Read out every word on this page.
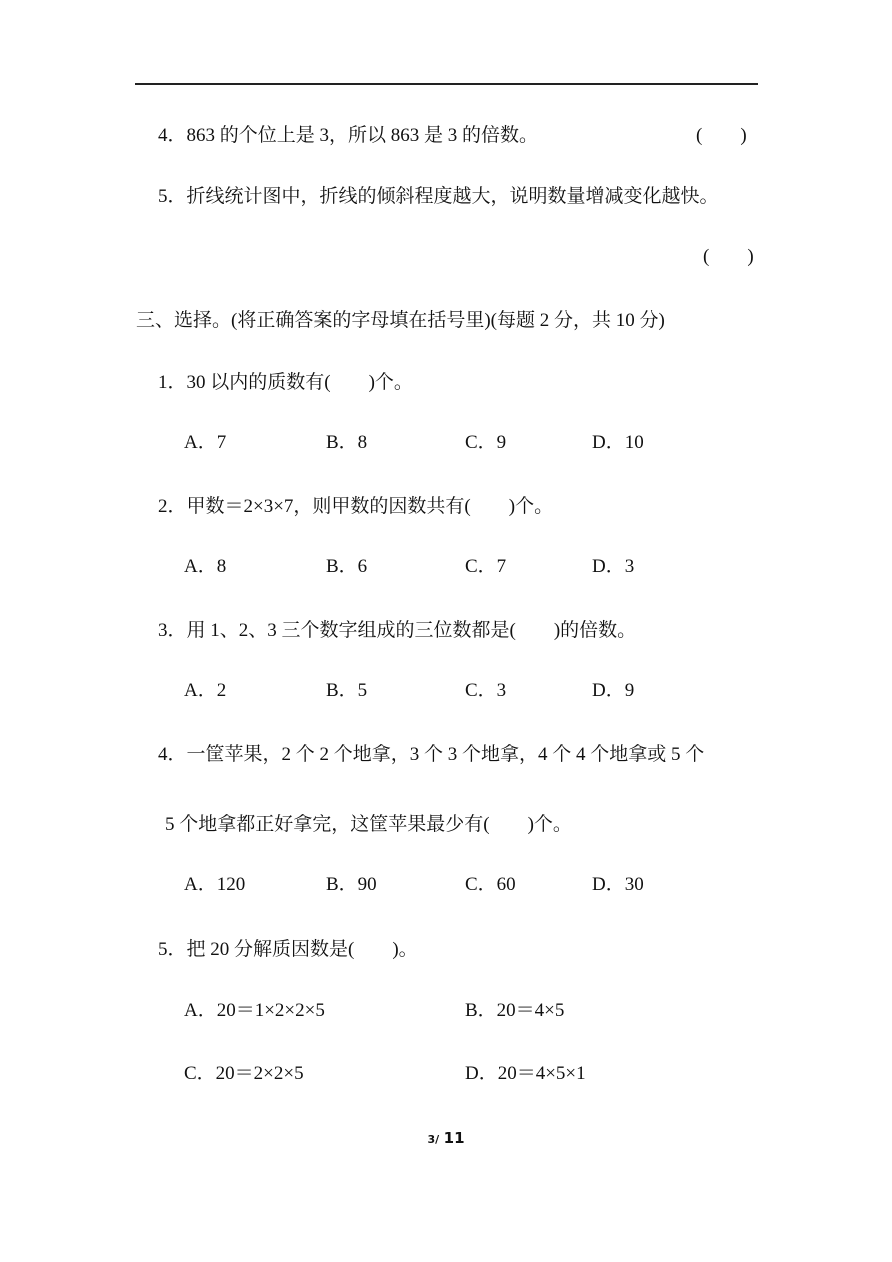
4．863 的个位上是 3，所以 863 是 3 的倍数。	(　　)
5．折线统计图中，折线的倾斜程度越大，说明数量增减变化越快。
(　　)
三、选择。(将正确答案的字母填在括号里)(每题 2 分，共 10 分)
1．30 以内的质数有(　　)个。
A．7	B．8	C．9	D．10
2．甲数＝2×3×7，则甲数的因数共有(　　)个。
A．8	B．6	C．7	D．3
3．用 1、2、3 三个数字组成的三位数都是(　　)的倍数。
A．2	B．5	C．3	D．9
4．一筐苹果，2 个 2 个地拿，3 个 3 个地拿，4 个 4 个地拿或 5 个
5 个地拿都正好拿完，这筐苹果最少有(　　)个。
A．120	B．90	C．60	D．30
5．把 20 分解质因数是(　　)。
A．20＝1×2×2×5	B．20＝4×5
C．20＝2×2×5	D．20＝4×5×1
3/ 11
